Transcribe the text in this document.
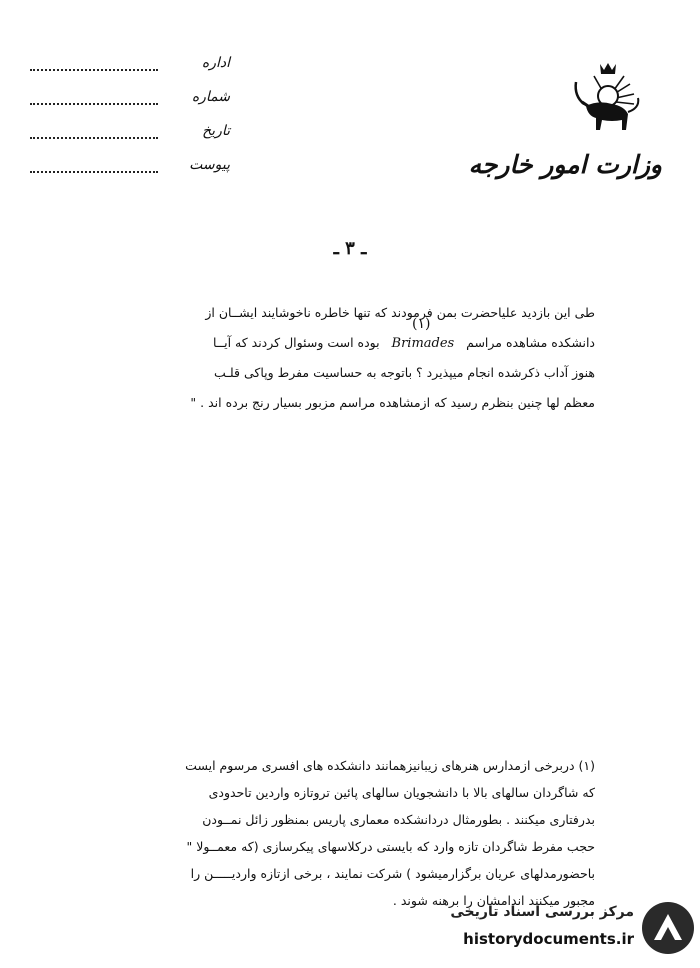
اداره
شماره
تاریخ
پیوست	وزارت امور خارجه
ـ ۳ ـ
(۱)
طی این بازدید علیاحضرت بمن فرمودند که تنها خاطره ناخوشایند ایشــان از
دانشکده مشاهده مراسم   Brimades   بوده است وسئوال کردند که آیــا
هنوز آداب ذکرشده انجام میپذیرد ؟ باتوجه به حساسیت مفرط وپاکی قلـب
معظم لها چنین بنظرم رسید که ازمشاهده مراسم مزبور بسیار رنج برده اند . "
(۱) دربرخی ازمدارس هنرهای زیبانیزهمانند دانشکده های افسری مرسوم ایست
که شاگردان سالهای بالا با دانشجویان سالهای پائین تروتازه واردین تاحدودی
بدرفتاری میکنند . بطورمثال دردانشکده معماری پاریس بمنظور زائل نمــودن
حجب مفرط شاگردان تازه وارد که بایستی درکلاسهای پیکرسازی (که معمــولا "
باحضورمدلهای عریان برگزارمیشود ) شرکت نمایند ، برخی ازتازه واردیـــــن را
مجبور میکنند اندامشان را برهنه شوند .
مرکز بررسی اسناد تاریخی
historydocuments.ir
